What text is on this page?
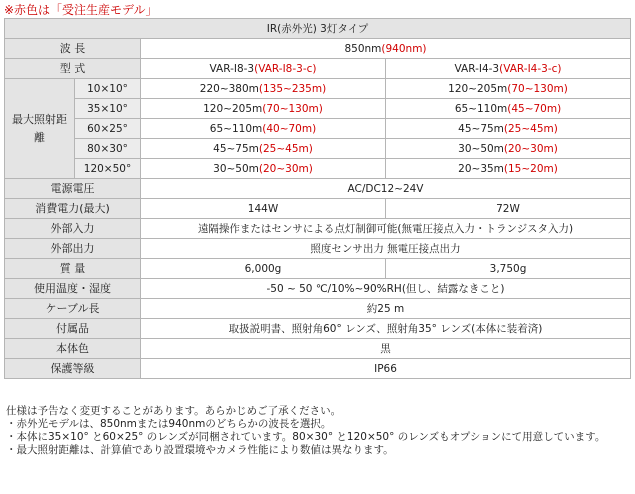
※赤色は「受注生産モデル」
IR(赤外光) 3灯タイプ			
波 長		850nm(940nm)	
型 式		VAR-I8-3(VAR-I8-3-c)	VAR-I4-3(VAR-I4-3-c)
最大照射距離	10×10°	220~380m(135~235m)	120~205m(70~130m)
	35×10°	120~205m(70~130m)	65~110m(45~70m)
	60×25°	65~110m(40~70m)	45~75m(25~45m)
	80×30°	45~75m(25~45m)	30~50m(20~30m)
	120×50°	30~50m(20~30m)	20~35m(15~20m)
電源電圧		AC/DC12~24V	
消費電力(最大)		144W	72W
外部入力		遠隔操作またはセンサによる点灯制御可能(無電圧接点入力・トランジスタ入力)	
外部出力		照度センサ出力 無電圧接点出力	
質 量		6,000g	3,750g
使用温度・湿度		-50 ~ 50 ℃/10%~90%RH(但し、結露なきこと)	
ケーブル長		約25 m	
付属品		取扱説明書、照射角60° レンズ、照射角35° レンズ(本体に装着済)	
本体色		黒	
保護等級		IP66	
仕様は予告なく変更することがあります。あらかじめご了承ください。
・赤外光モデルは、850nmまたは940nmのどちらかの波長を選択。
・本体に35×10° と60×25° のレンズが同梱されています。80×30° と120×50° のレンズもオプションにて用意しています。
・最大照射距離は、計算値であり設置環境やカメラ性能により数値は異なります。
